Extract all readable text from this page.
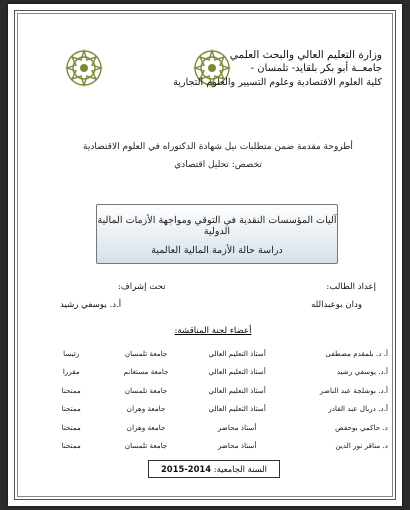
وزارة التعليم العالي والبحث العلمي
جامعــة أبو بكر بلقايد- تلمسان -
كلية العلوم الاقتصادية وعلوم التسيير والعلوم التجارية
أطروحة مقدمة ضمن متطلبات نيل شهادة الدكتوراه في العلوم الاقتصادية
تخصص: تحليل اقتصادي
آليات المؤسسات النقدية في التوقي ومواجهة الأزمات المالية الدولية
دراسة حالة الأزمة المالية العالمية
إعداد الطالب:
ودان بوعبدالله
تحت إشراف:
أ.د. يوسفي رشيد
أعضاء لجنة المناقشة:
أ. د. بلمقدم مصطفى	أستاذ التعليم العالي	جامعة تلمسان	رئيسا
أ.د. يوسفي رشيد	أستاذ التعليم العالي	جامعة مستغانم	مقررا
أ.د. بوشلجة عبد الناصر	أستاذ التعليم العالي	جامعة تلمسان	ممتحنا
أ.د. دربال عبد القادر	أستاذ التعليم العالي	جامعة وهران	ممتحنا
د. حاكمي بوحفص	أستاذ محاضر	جامعة وهران	ممتحنا
د. مناقر نور الدين	أستاذ محاضر	جامعة تلمسان	ممتحنا
السنة الجامعية: 2014-2015
